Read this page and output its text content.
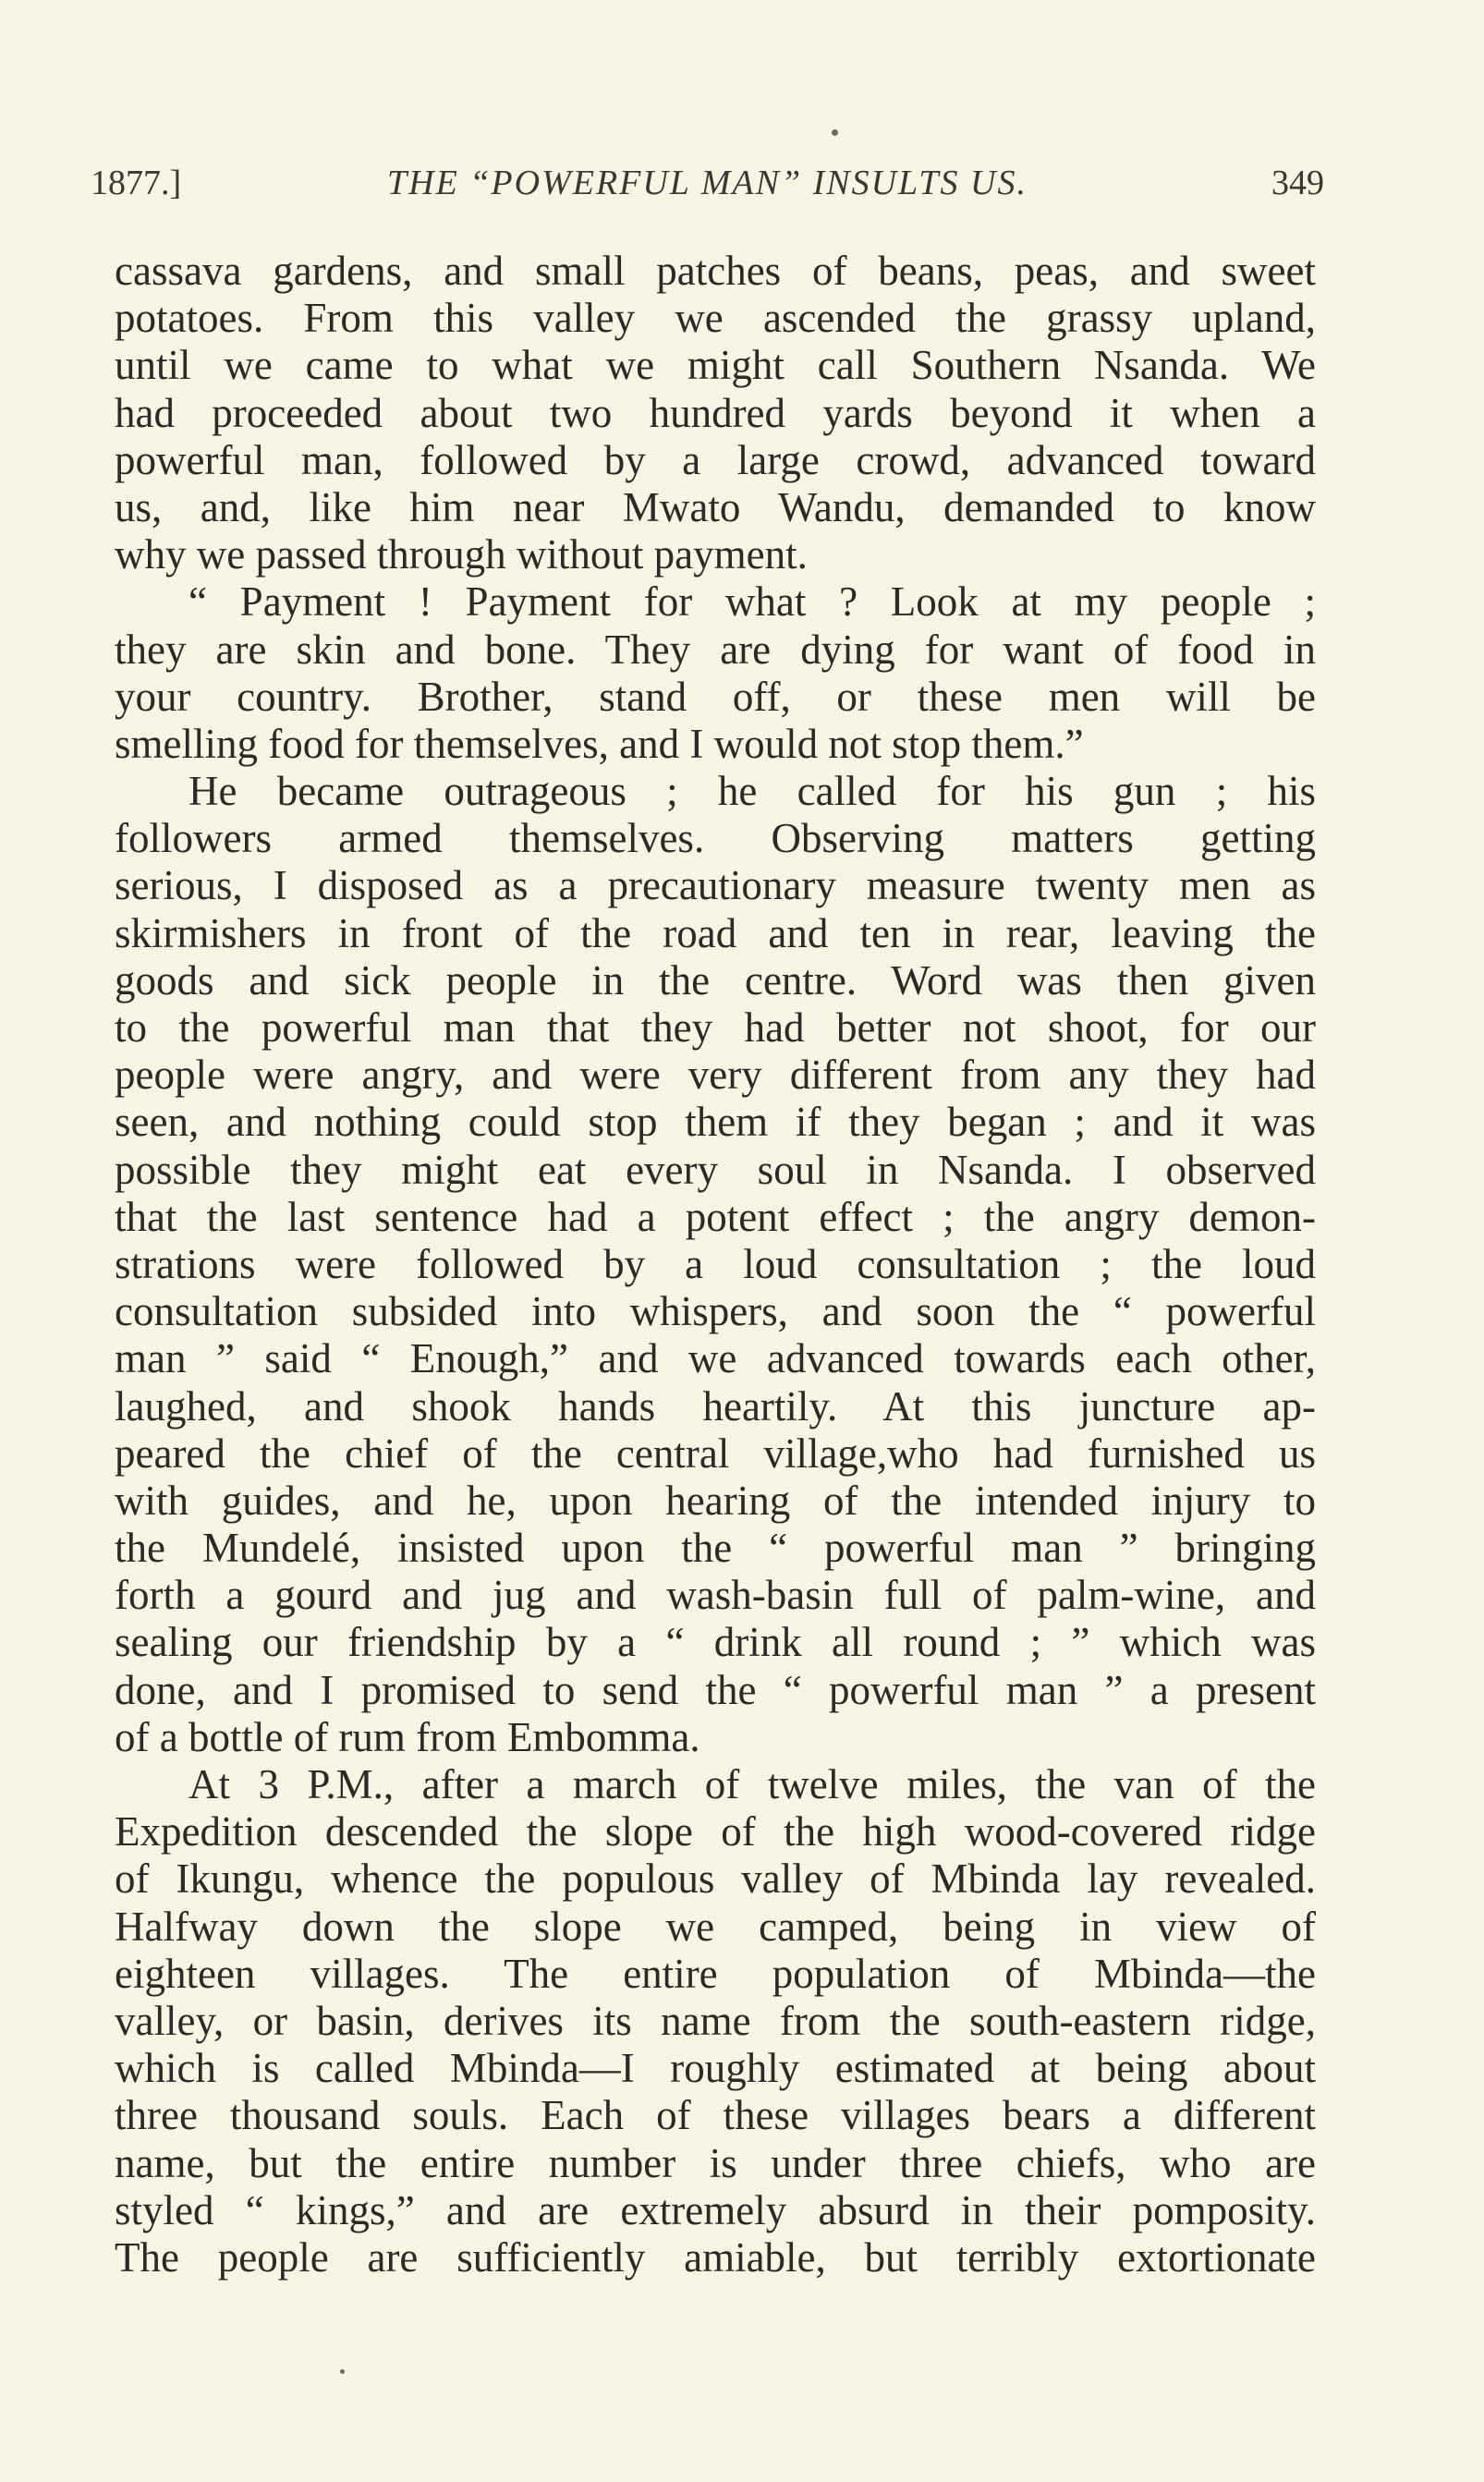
1877.]	THE “POWERFUL MAN” INSULTS US.	349
cassava gardens, and small patches of beans, peas, and sweet
potatoes. From this valley we ascended the grassy upland,
until we came to what we might call Southern Nsanda. We
had proceeded about two hundred yards beyond it when a
powerful man, followed by a large crowd, advanced toward
us, and, like him near Mwato Wandu, demanded to know
why we passed through without payment.
“ Payment ! Payment for what ? Look at my people ;
they are skin and bone. They are dying for want of food in
your country. Brother, stand off, or these men will be
smelling food for themselves, and I would not stop them.”
He became outrageous ; he called for his gun ; his
followers armed themselves. Observing matters getting
serious, I disposed as a precautionary measure twenty men as
skirmishers in front of the road and ten in rear, leaving the
goods and sick people in the centre. Word was then given
to the powerful man that they had better not shoot, for our
people were angry, and were very different from any they had
seen, and nothing could stop them if they began ; and it was
possible they might eat every soul in Nsanda. I observed
that the last sentence had a potent effect ; the angry demon-
strations were followed by a loud consultation ; the loud
consultation subsided into whispers, and soon the “ powerful
man ” said “ Enough,” and we advanced towards each other,
laughed, and shook hands heartily. At this juncture ap-
peared the chief of the central village,who had furnished us
with guides, and he, upon hearing of the intended injury to
the Mundelé, insisted upon the “ powerful man ” bringing
forth a gourd and jug and wash-basin full of palm-wine, and
sealing our friendship by a “ drink all round ; ” which was
done, and I promised to send the “ powerful man ” a present
of a bottle of rum from Embomma.
At 3 P.M., after a march of twelve miles, the van of the
Expedition descended the slope of the high wood-covered ridge
of Ikungu, whence the populous valley of Mbinda lay revealed.
Halfway down the slope we camped, being in view of
eighteen villages. The entire population of Mbinda—the
valley, or basin, derives its name from the south-eastern ridge,
which is called Mbinda—I roughly estimated at being about
three thousand souls. Each of these villages bears a different
name, but the entire number is under three chiefs, who are
styled “ kings,” and are extremely absurd in their pomposity.
The people are sufficiently amiable, but terribly extortionate
